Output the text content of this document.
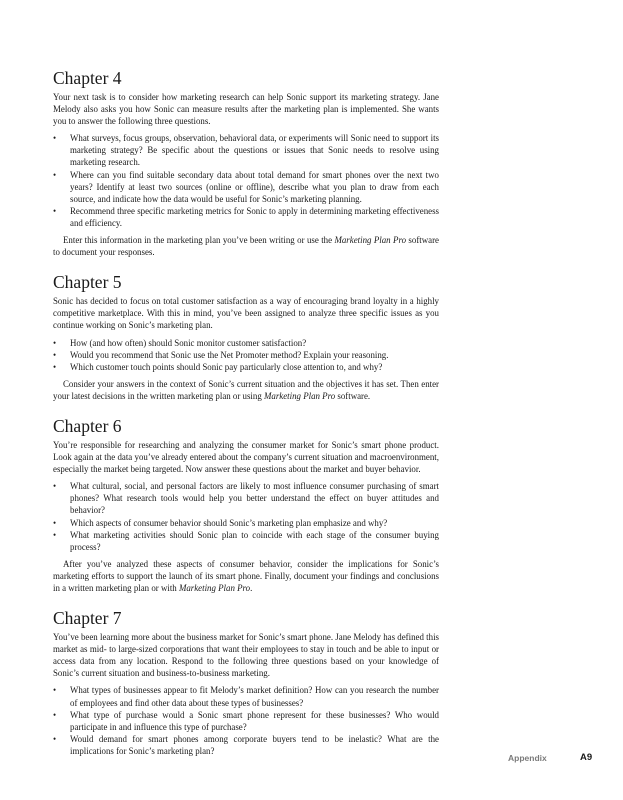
Chapter 4

Your next task is to consider how marketing research can help Sonic support its marketing strategy. Jane Melody also asks you how Sonic can measure results after the marketing plan is implemented. She wants you to answer the following three questions.

• What surveys, focus groups, observation, behavioral data, or experiments will Sonic need to support its marketing strategy? Be specific about the questions or issues that Sonic needs to resolve using marketing research.
• Where can you find suitable secondary data about total demand for smart phones over the next two years? Identify at least two sources (online or offline), describe what you plan to draw from each source, and indicate how the data would be useful for Sonic’s marketing planning.
• Recommend three specific marketing metrics for Sonic to apply in determining marketing effectiveness and efficiency.

Enter this information in the marketing plan you’ve been writing or use the Marketing Plan Pro software to document your responses.

Chapter 5

Sonic has decided to focus on total customer satisfaction as a way of encouraging brand loyalty in a highly competitive marketplace. With this in mind, you’ve been assigned to analyze three specific issues as you continue working on Sonic’s marketing plan.

• How (and how often) should Sonic monitor customer satisfaction?
• Would you recommend that Sonic use the Net Promoter method? Explain your reasoning.
• Which customer touch points should Sonic pay particularly close attention to, and why?

Consider your answers in the context of Sonic’s current situation and the objectives it has set. Then enter your latest decisions in the written marketing plan or using Marketing Plan Pro software.

Chapter 6

You’re responsible for researching and analyzing the consumer market for Sonic’s smart phone product. Look again at the data you’ve already entered about the company’s current situation and macroenvironment, especially the market being targeted. Now answer these questions about the market and buyer behavior.

• What cultural, social, and personal factors are likely to most influence consumer purchasing of smart phones? What research tools would help you better understand the effect on buyer attitudes and behavior?
• Which aspects of consumer behavior should Sonic’s marketing plan emphasize and why?
• What marketing activities should Sonic plan to coincide with each stage of the consumer buying process?

After you’ve analyzed these aspects of consumer behavior, consider the implications for Sonic’s marketing efforts to support the launch of its smart phone. Finally, document your findings and conclusions in a written marketing plan or with Marketing Plan Pro.

Chapter 7

You’ve been learning more about the business market for Sonic’s smart phone. Jane Melody has defined this market as mid- to large-sized corporations that want their employees to stay in touch and be able to input or access data from any location. Respond to the following three questions based on your knowledge of Sonic’s current situation and business-to-business marketing.

• What types of businesses appear to fit Melody’s market definition? How can you research the number of employees and find other data about these types of businesses?
• What type of purchase would a Sonic smart phone represent for these businesses? Who would participate in and influence this type of purchase?
• Would demand for smart phones among corporate buyers tend to be inelastic? What are the implications for Sonic’s marketing plan?
Appendix	A9
